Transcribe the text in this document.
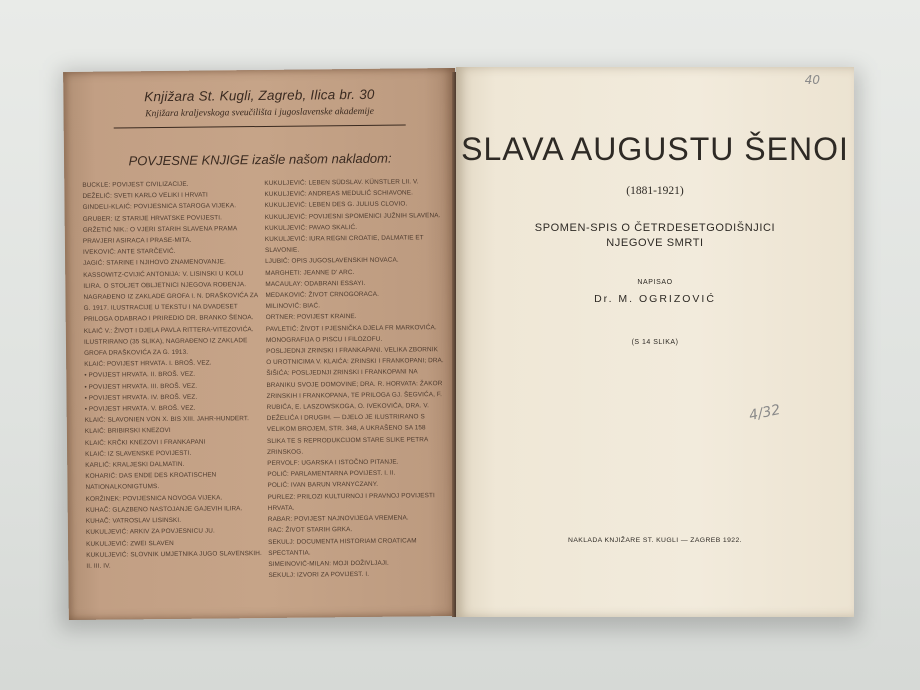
Knjižara St. Kugli, Zagreb, Ilica br. 30
Knjižara kraljevskoga sveučilišta i jugoslavenske akademije
POVJESNE KNJIGE izašle našom nakladom:
BUCKLE: POVIJEST CIVILIZACIJE.
DEŽELIĆ: SVETI KARLO VELIKI I HRVATI
GINDELI-KLAIĆ: POVIJESNICA STAROGA VIJEKA.
GRUBER: IZ STARIJE HRVATSKE POVIJESTI.
GRŽETIĆ NIK.: O VJERI STARIH SLAVENA PRAMA PRAVJERI ASIRACA I PRASE-MITA.
IVEKOVIĆ: ANTE STARČEVIĆ.
JAGIĆ: STARINE I NJIHOVO ZNAMENOVANJE.
KASSOWITZ-CVIJIĆ ANTONIJA: V. LISINSKI U KOLU ILIRA. O STOLJET OBLJETNICI NJEGOVA ROĐENJA. NAGRAĐENO IZ ZAKLADE GROFA I. N. DRAŠKOVIĆA ZA G. 1917. ILUSTRACIJE U TEKSTU I NA DVADESET PRILOGA ODABRAO I PRIREDIO DR. BRANKO ŠENOA.
KLAIĆ V.: ŽIVOT I DJELA PAVLA RITTERA-VITEZOVIĆA. ILUSTRIRANO (35 SLIKA), NAGRAĐENO IZ ZAKLADE GROFA DRAŠKOVIĆA ZA G. 1913.
KLAIĆ: POVIJEST HRVATA. I. BROŠ. VEZ.
• POVIJEST HRVATA. II. BROŠ. VEZ.
• POVIJEST HRVATA. III. BROŠ. VEZ.
• POVIJEST HRVATA. IV. BROŠ. VEZ.
• POVIJEST HRVATA. V. BROŠ. VEZ.
KLAIĆ: SLAVONIEN VON X. BIS XIII. JAHR-HUNDERT.
KLAIĆ: BRIBIRSKI KNEZOVI
KLAIĆ: KRČKI KNEZOVI I FRANKAPANI
KLAIĆ: IZ SLAVENSKE POVIJESTI.
KARLIĆ: KRALJESKI DALMATIN.
KOHARIĆ: DAS ENDE DES KROATISCHEN NATIONALKONIGTUMS.
KORŽINEK: POVIJESNICA NOVOGA VIJEKA.
KUHAČ: GLAZBENO NASTOJANJE GAJEVIH ILIRA.
KUHAČ: VATROSLAV LISINSKI.
KUKULJEVIĆ: ARKIV ZA POVJESNICU JU.
KUKULJEVIĆ: ZWEI SLAVEN
KUKULJEVIĆ: SLOVNIK UMJETNIKA JUGO SLAVENSKIH. II. III. IV.
KUKULJEVIĆ: LEBEN SÜDSLAV. KÜNSTLER LII. V.
KUKULJEVIĆ: ANDREAS MEDULIĆ SCHIAVONE.
KUKULJEVIĆ: LEBEN DES G. JULIUS CLOVIO.
KUKULJEVIĆ: POVIJESNI SPOMENICI JUŽNIH SLAVENA.
KUKULJEVIĆ: PAVAO SKALIĆ.
KUKULJEVIĆ: IURA REGNI CROATIE, DALMATIE ET SLAVONIE.
LJUBIĆ: OPIS JUGOSLAVENSKIH NOVACA.
MARGHETI: JEANNE D' ARC.
MACAULAY: ODABRANI ESSAYI.
MEDAKOVIĆ: ŽIVOT CRNOGORACA.
MILINOVIĆ: BIAĆ.
ORTNER: POVIJEST KRAINE.
PAVLETIĆ: ŽIVOT I PJESNIČKA DJELA FR MARKOVIĆA. MONOGRAFIJA O PISCU I FILOZOFU.
POSLJEDNJI ZRINSKI I FRANKAPANI. VELIKA ZBORNIK O UROTNICIMA V. KLAIĆA: ZRINSKI I FRANKOPANI; DRA. ŠIŠIĆA: POSLJEDNJI ZRINSKI I FRANKOPANI NA BRANIKU SVOJE DOMOVINE; DRA. R. HORVATA: ŽAKOR ZRINSKIH I FRANKOPANA, TE PRILOGA GJ. ŠEGVIĆA, F. RUBIĆA, E. LASZOWSKOGA, O. IVEKOVIĆA, DRA. V. DEŽELIĆA I DRUGIH. — DJELO JE ILUSTRIRANO S VELIKOM BROJEM, STR. 348, A UKRAŠENO SA 158 SLIKA TE S REPRODUKCIJOM STARE SLIKE PETRA ZRINSKOG.
PERVOLF: UGARSKA I ISTOČNO PITANJE.
POLIĆ: PARLAMENTARNA POVIJEST. I. II.
POLIĆ: IVAN BARUN VRANYCZANY.
PURLEZ: PRILOZI KULTURNOJ I PRAVNOJ POVIJESTI HRVATA.
RABAR: POVIJEST NAJNOVIJEGA VREMENA.
RAC: ŽIVOT STARIH GRKA.
SEKULJ: DOCUMENTA HISTORIAM CROATICAM SPECTANTIA.
SIMEINOVIĆ-MILAN: MOJI DOŽIVLJAJI.
SEKULJ: IZVORI ZA POVIJEST. I.
40
SLAVA AUGUSTU ŠENOI
(1881-1921)
SPOMEN-SPIS O ČETRDESETGODIŠNJICI
NJEGOVE SMRTI
NAPISAO
Dr. M. OGRIZOVIĆ
(S 14 SLIKA)
4/32
NAKLADA KNJIŽARE ST. KUGLI — ZAGREB 1922.
